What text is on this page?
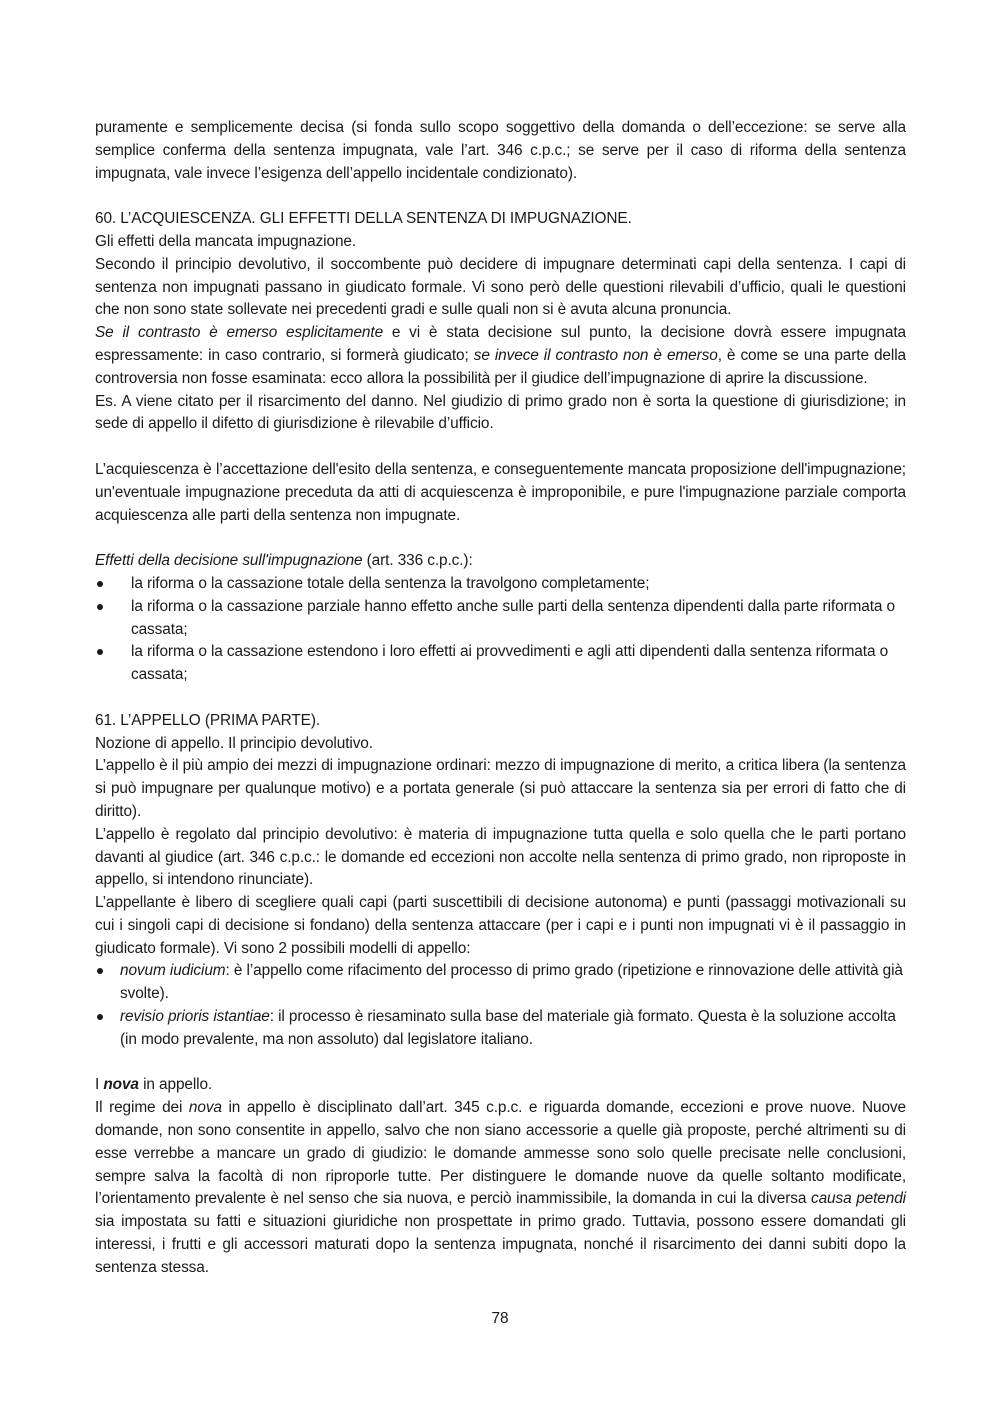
puramente e semplicemente decisa (si fonda sullo scopo soggettivo della domanda o dell’eccezione: se serve alla semplice conferma della sentenza impugnata, vale l’art. 346 c.p.c.; se serve per il caso di riforma della sentenza impugnata, vale invece l’esigenza dell’appello incidentale condizionato).

60. L’ACQUIESCENZA. GLI EFFETTI DELLA SENTENZA DI IMPUGNAZIONE.

Gli effetti della mancata impugnazione.

Secondo il principio devolutivo, il soccombente può decidere di impugnare determinati capi della sentenza. I capi di sentenza non impugnati passano in giudicato formale. Vi sono però delle questioni rilevabili d’ufficio, quali le questioni che non sono state sollevate nei precedenti gradi e sulle quali non si è avuta alcuna pronuncia.

Se il contrasto è emerso esplicitamente e vi è stata decisione sul punto, la decisione dovrà essere impugnata espressamente: in caso contrario, si formerà giudicato; se invece il contrasto non è emerso, è come se una parte della controversia non fosse esaminata: ecco allora la possibilità per il giudice dell’impugnazione di aprire la discussione.

Es. A viene citato per il risarcimento del danno. Nel giudizio di primo grado non è sorta la questione di giurisdizione; in sede di appello il difetto di giurisdizione è rilevabile d’ufficio.

L’acquiescenza è l’accettazione dell'esito della sentenza, e conseguentemente mancata proposizione dell'impugnazione; un'eventuale impugnazione preceduta da atti di acquiescenza è improponibile, e pure l'impugnazione parziale comporta acquiescenza alle parti della sentenza non impugnate.

Effetti della decisione sull'impugnazione (art. 336 c.p.c.):

la riforma o la cassazione totale della sentenza la travolgono completamente;
la riforma o la cassazione parziale hanno effetto anche sulle parti della sentenza dipendenti dalla parte riformata o cassata;
la riforma o la cassazione estendono i loro effetti ai provvedimenti e agli atti dipendenti dalla sentenza riformata o cassata;

61. L’APPELLO (PRIMA PARTE).

Nozione di appello. Il principio devolutivo.

L’appello è il più ampio dei mezzi di impugnazione ordinari: mezzo di impugnazione di merito, a critica libera (la sentenza si può impugnare per qualunque motivo) e a portata generale (si può attaccare la sentenza sia per errori di fatto che di diritto).

L’appello è regolato dal principio devolutivo: è materia di impugnazione tutta quella e solo quella che le parti portano davanti al giudice (art. 346 c.p.c.: le domande ed eccezioni non accolte nella sentenza di primo grado, non riproposte in appello, si intendono rinunciate).

L’appellante è libero di scegliere quali capi (parti suscettibili di decisione autonoma) e punti (passaggi motivazionali su cui i singoli capi di decisione si fondano) della sentenza attaccare (per i capi e i punti non impugnati vi è il passaggio in giudicato formale). Vi sono 2 possibili modelli di appello:

novum iudicium: è l’appello come rifacimento del processo di primo grado (ripetizione e rinnovazione delle attività già svolte).
revisio prioris istantiae: il processo è riesaminato sulla base del materiale già formato. Questa è la soluzione accolta (in modo prevalente, ma non assoluto) dal legislatore italiano.

I nova in appello.

Il regime dei nova in appello è disciplinato dall’art. 345 c.p.c. e riguarda domande, eccezioni e prove nuove. Nuove domande, non sono consentite in appello, salvo che non siano accessorie a quelle già proposte, perché altrimenti su di esse verrebbe a mancare un grado di giudizio: le domande ammesse sono solo quelle precisate nelle conclusioni, sempre salva la facoltà di non riproporle tutte. Per distinguere le domande nuove da quelle soltanto modificate, l’orientamento prevalente è nel senso che sia nuova, e perciò inammissibile, la domanda in cui la diversa causa petendi sia impostata su fatti e situazioni giuridiche non prospettate in primo grado. Tuttavia, possono essere domandati gli interessi, i frutti e gli accessori maturati dopo la sentenza impugnata, nonché il risarcimento dei danni subiti dopo la sentenza stessa.

78
